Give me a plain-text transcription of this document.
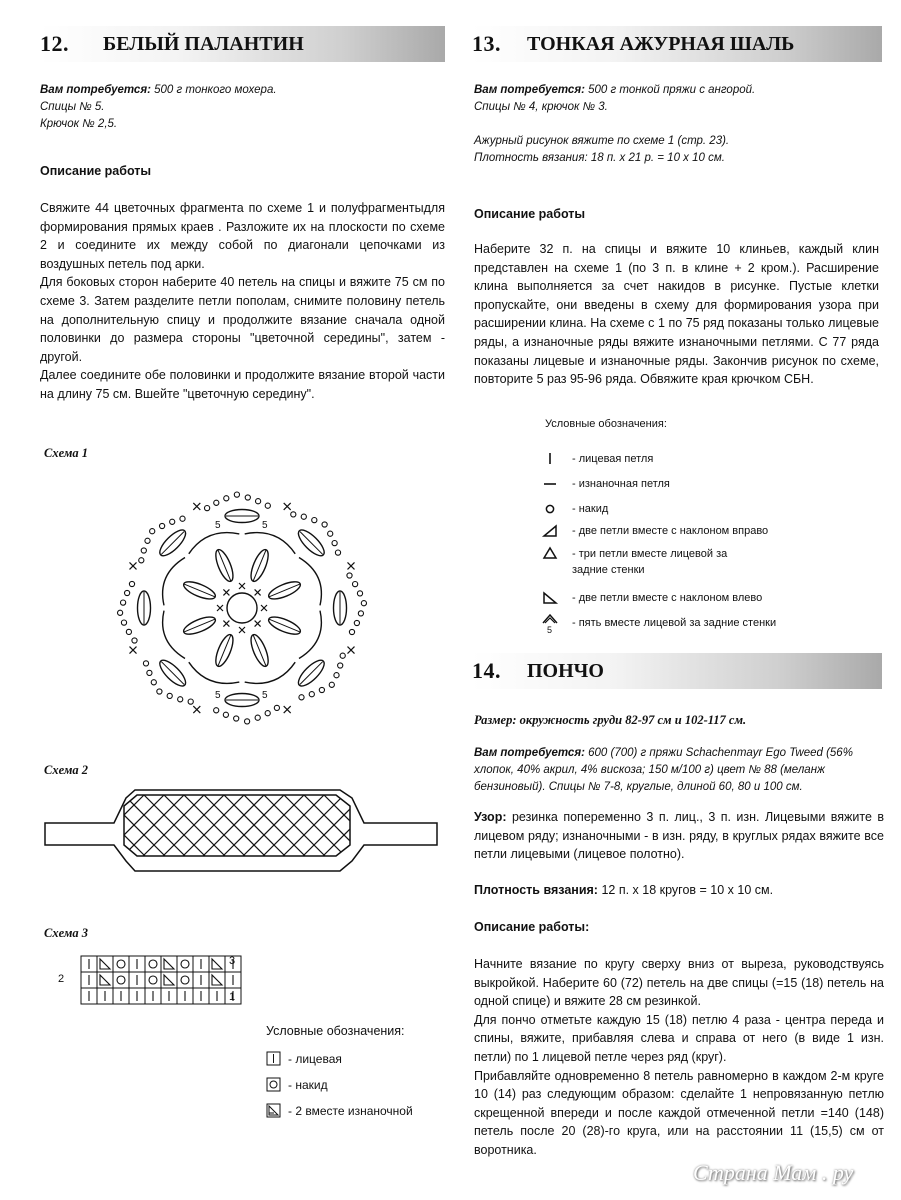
12. БЕЛЫЙ ПАЛАНТИН
Вам потребуется: 500 г тонкого мохера.
Спицы № 5.
Крючок № 2,5.
Описание работы

Свяжите 44 цветочных фрагмента по схеме 1 и полуфрагментыдля формирования прямых краев . Разложите их на плоскости по схеме 2 и соедините их между собой по диагонали цепочками из воздушных петель под арки.

Для боковых сторон наберите 40 петель на спицы и вяжите 75 см по схеме 3. Затем разделите петли пополам, снимите половину петель на дополнительную спицу и продолжите вязание сначала одной половинки до размера стороны "цветочной середины", затем - другой.

Далее соедините обе половинки и продолжите вязание второй части на длину 75 см. Вшейте "цветочную середину".

Схема 1
5	5
5	5
Схема 2
Схема 3
3
2
1
Условные обозначения:
- лицевая
- накид
- 2 вместе изнаночной
13. ТОНКАЯ АЖУРНАЯ ШАЛЬ
Вам потребуется: 500 г тонкой пряжи с ангорой.
Спицы № 4, крючок № 3.
Ажурный рисунок вяжите по схеме 1 (стр. 23).
Плотность вязания: 18 п. х 21 р. = 10 х 10 см.
Описание работы

Наберите 32 п. на спицы и вяжите 10 клиньев, каждый клин представлен на схеме 1 (по 3 п. в клине + 2 кром.). Расширение клина выполняется за счет накидов в рисунке. Пустые клетки пропускайте, они введены в схему для формирования узора при расширении клина. На схеме с 1 по 75 ряд показаны только лицевые ряды, а изнаночные ряды вяжите изнаночными петлями. С 77 ряда показаны лицевые и изнаночные ряды. Закончив рисунок по схеме, повторите 5 раз 95-96 ряда. Обвяжите края крючком СБН.

Условные обозначения:
- лицевая петля
- изнаночная петля
- накид
- две петли вместе с наклоном вправо
- три петли вместе лицевой за
задние стенки
- две петли вместе с наклоном влево
5
- пять вместе лицевой за задние стенки
14. ПОНЧО
Размер: окружность груди 82-97 см и 102-117 см.
Вам потребуется: 600 (700) г пряжи Schachenmayr Ego Tweed (56% хлопок, 40% акрил, 4% вискоза; 150 м/100 г) цвет № 88 (меланж бензиновый). Спицы № 7-8, круглые, длиной 60, 80 и 100 см.
Узор: резинка попеременно 3 п. лиц., 3 п. изн. Лицевыми вяжите в лицевом ряду; изнаночными - в изн. ряду, в круглых рядах вяжите все петли лицевыми (лицевое полотно).
Плотность вязания: 12 п. х 18 кругов = 10 х 10 см.
Описание работы:

Начните вязание по кругу сверху вниз от выреза, руководствуясь выкройкой. Наберите 60 (72) петель на две спицы (=15 (18) петель на одной спице) и вяжите 28 см резинкой.

Для пончо отметьте каждую 15 (18) петлю 4 раза - центра переда и спины, вяжите, прибавляя слева и справа от него (в виде 1 изн. петли) по 1 лицевой петле через ряд (круг).

Прибавляйте одновременно 8 петель равномерно в каждом 2-м круге 10 (14) раз следующим образом: сделайте 1 непровязанную петлю скрещенной впереди и после каждой отмеченной петли =140 (148) петель после 20 (28)-го круга, или на расстоянии 11 (15,5) см от воротника.

Страна Мам . ру
